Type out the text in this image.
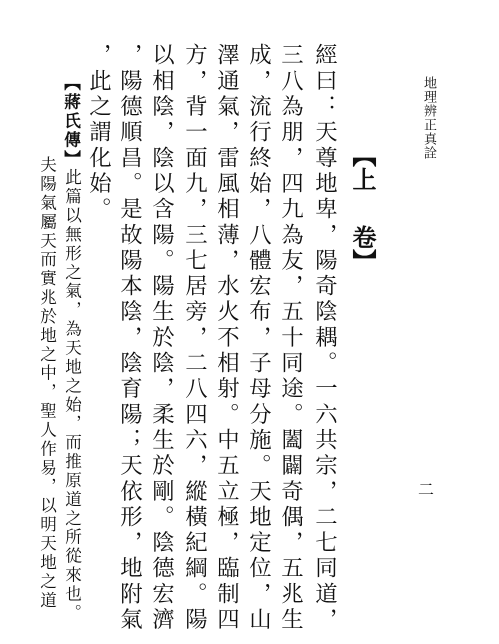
地理辨正真詮
二
【上卷】
經曰：天尊地卑，陽奇陰耦。一六共宗，二七同道，
三八為朋，四九為友，五十同途。闔闢奇偶，五兆生
成，流行終始，八體宏布，子母分施。天地定位，山
澤通氣，雷風相薄，水火不相射。中五立極，臨制四
方，背一面九，三七居旁，二八四六，縱橫紀綱。陽
以相陰，陰以含陽。陽生於陰，柔生於剛。陰德宏濟
，陽德順昌。是故陽本陰，陰育陽；天依形，地附氣
，此之謂化始。
【蔣氏傳】此篇以無形之氣，為天地之始，而推原道之所從來也。
夫陽氣屬天而實兆於地之中，聖人作易，以明天地之道
